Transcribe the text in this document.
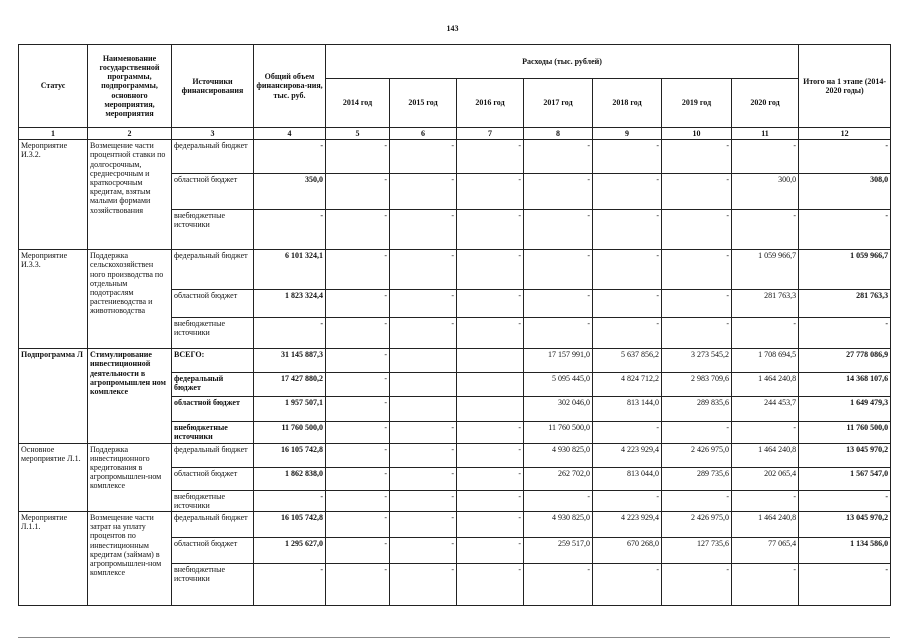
143
Статус	Наименование государственной программы, подпрограммы, основного мероприятия, мероприятия	Источники финансирования	Общий объем финансирова-ния, тыс. руб.	Расходы (тыс. рублей)							Итого на 1 этапе (2014-2020 годы)
				2014 год	2015 год	2016 год	2017 год	2018 год	2019 год	2020 год	
1	2	3	4	5	6	7	8	9	10	11	12
Мероприятие И.3.2.	Возмещение части процентной ставки по долгосрочным, среднесрочным и краткосрочным кредитам, взятым малыми формами хозяйствования	федеральный бюджет	-	-	-	-	-	-	-	-	-
		областной бюджет	350,0	-	-	-	-	-	-	300,0	308,0
		внебюджетные источники	-	-	-	-	-	-	-	-	-
Мероприятие И.3.3.	Поддержка сельскохозяйствен ного производства по отдельным подотраслям растениеводства и животноводства	федеральный бюджет	6 101 324,1	-	-	-	-	-	-	1 059 966,7	1 059 966,7
		областной бюджет	1 823 324,4	-	-	-	-	-	-	281 763,3	281 763,3
		внебюджетные источники	-	-	-	-	-	-	-	-	-
Подпрограмма Л	Стимулирование инвестиционной деятельности в агропромышлен ном комплексе	ВСЕГО:	31 145 887,3	-			17 157 991,0	5 637 856,2	3 273 545,2	1 708 694,5	27 778 086,9
		федеральный бюджет	17 427 880,2	-			5 095 445,0	4 824 712,2	2 983 709,6	1 464 240,8	14 368 107,6
		областной бюджет	1 957 507,1	-			302 046,0	813 144,0	289 835,6	244 453,7	1 649 479,3
		внебюджетные источники	11 760 500,0	-	-	-	11 760 500,0	-	-	-	11 760 500,0
Основное мероприятие Л.1.	Поддержка инвестиционного кредитования в агропромышлен-ном комплексе	федеральный бюджет	16 105 742,8	-	-	-	4 930 825,0	4 223 929,4	2 426 975,0	1 464 240,8	13 045 970,2
		областной бюджет	1 862 838,0	-	-	-	262 702,0	813 044,0	289 735,6	202 065,4	1 567 547,0
		внебюджетные источники	-	-	-	-	-	-	-	-	-
Мероприятие Л.1.1.	Возмещение части затрат на уплату процентов по инвестиционным кредитам (займам) в агропромышлен-ном комплексе	федеральный бюджет	16 105 742,8	-	-	-	4 930 825,0	4 223 929,4	2 426 975,0	1 464 240,8	13 045 970,2
		областной бюджет	1 295 627,0	-	-	-	259 517,0	670 268,0	127 735,6	77 065,4	1 134 586,0
		внебюджетные источники	-	-	-	-	-	-	-	-	-
